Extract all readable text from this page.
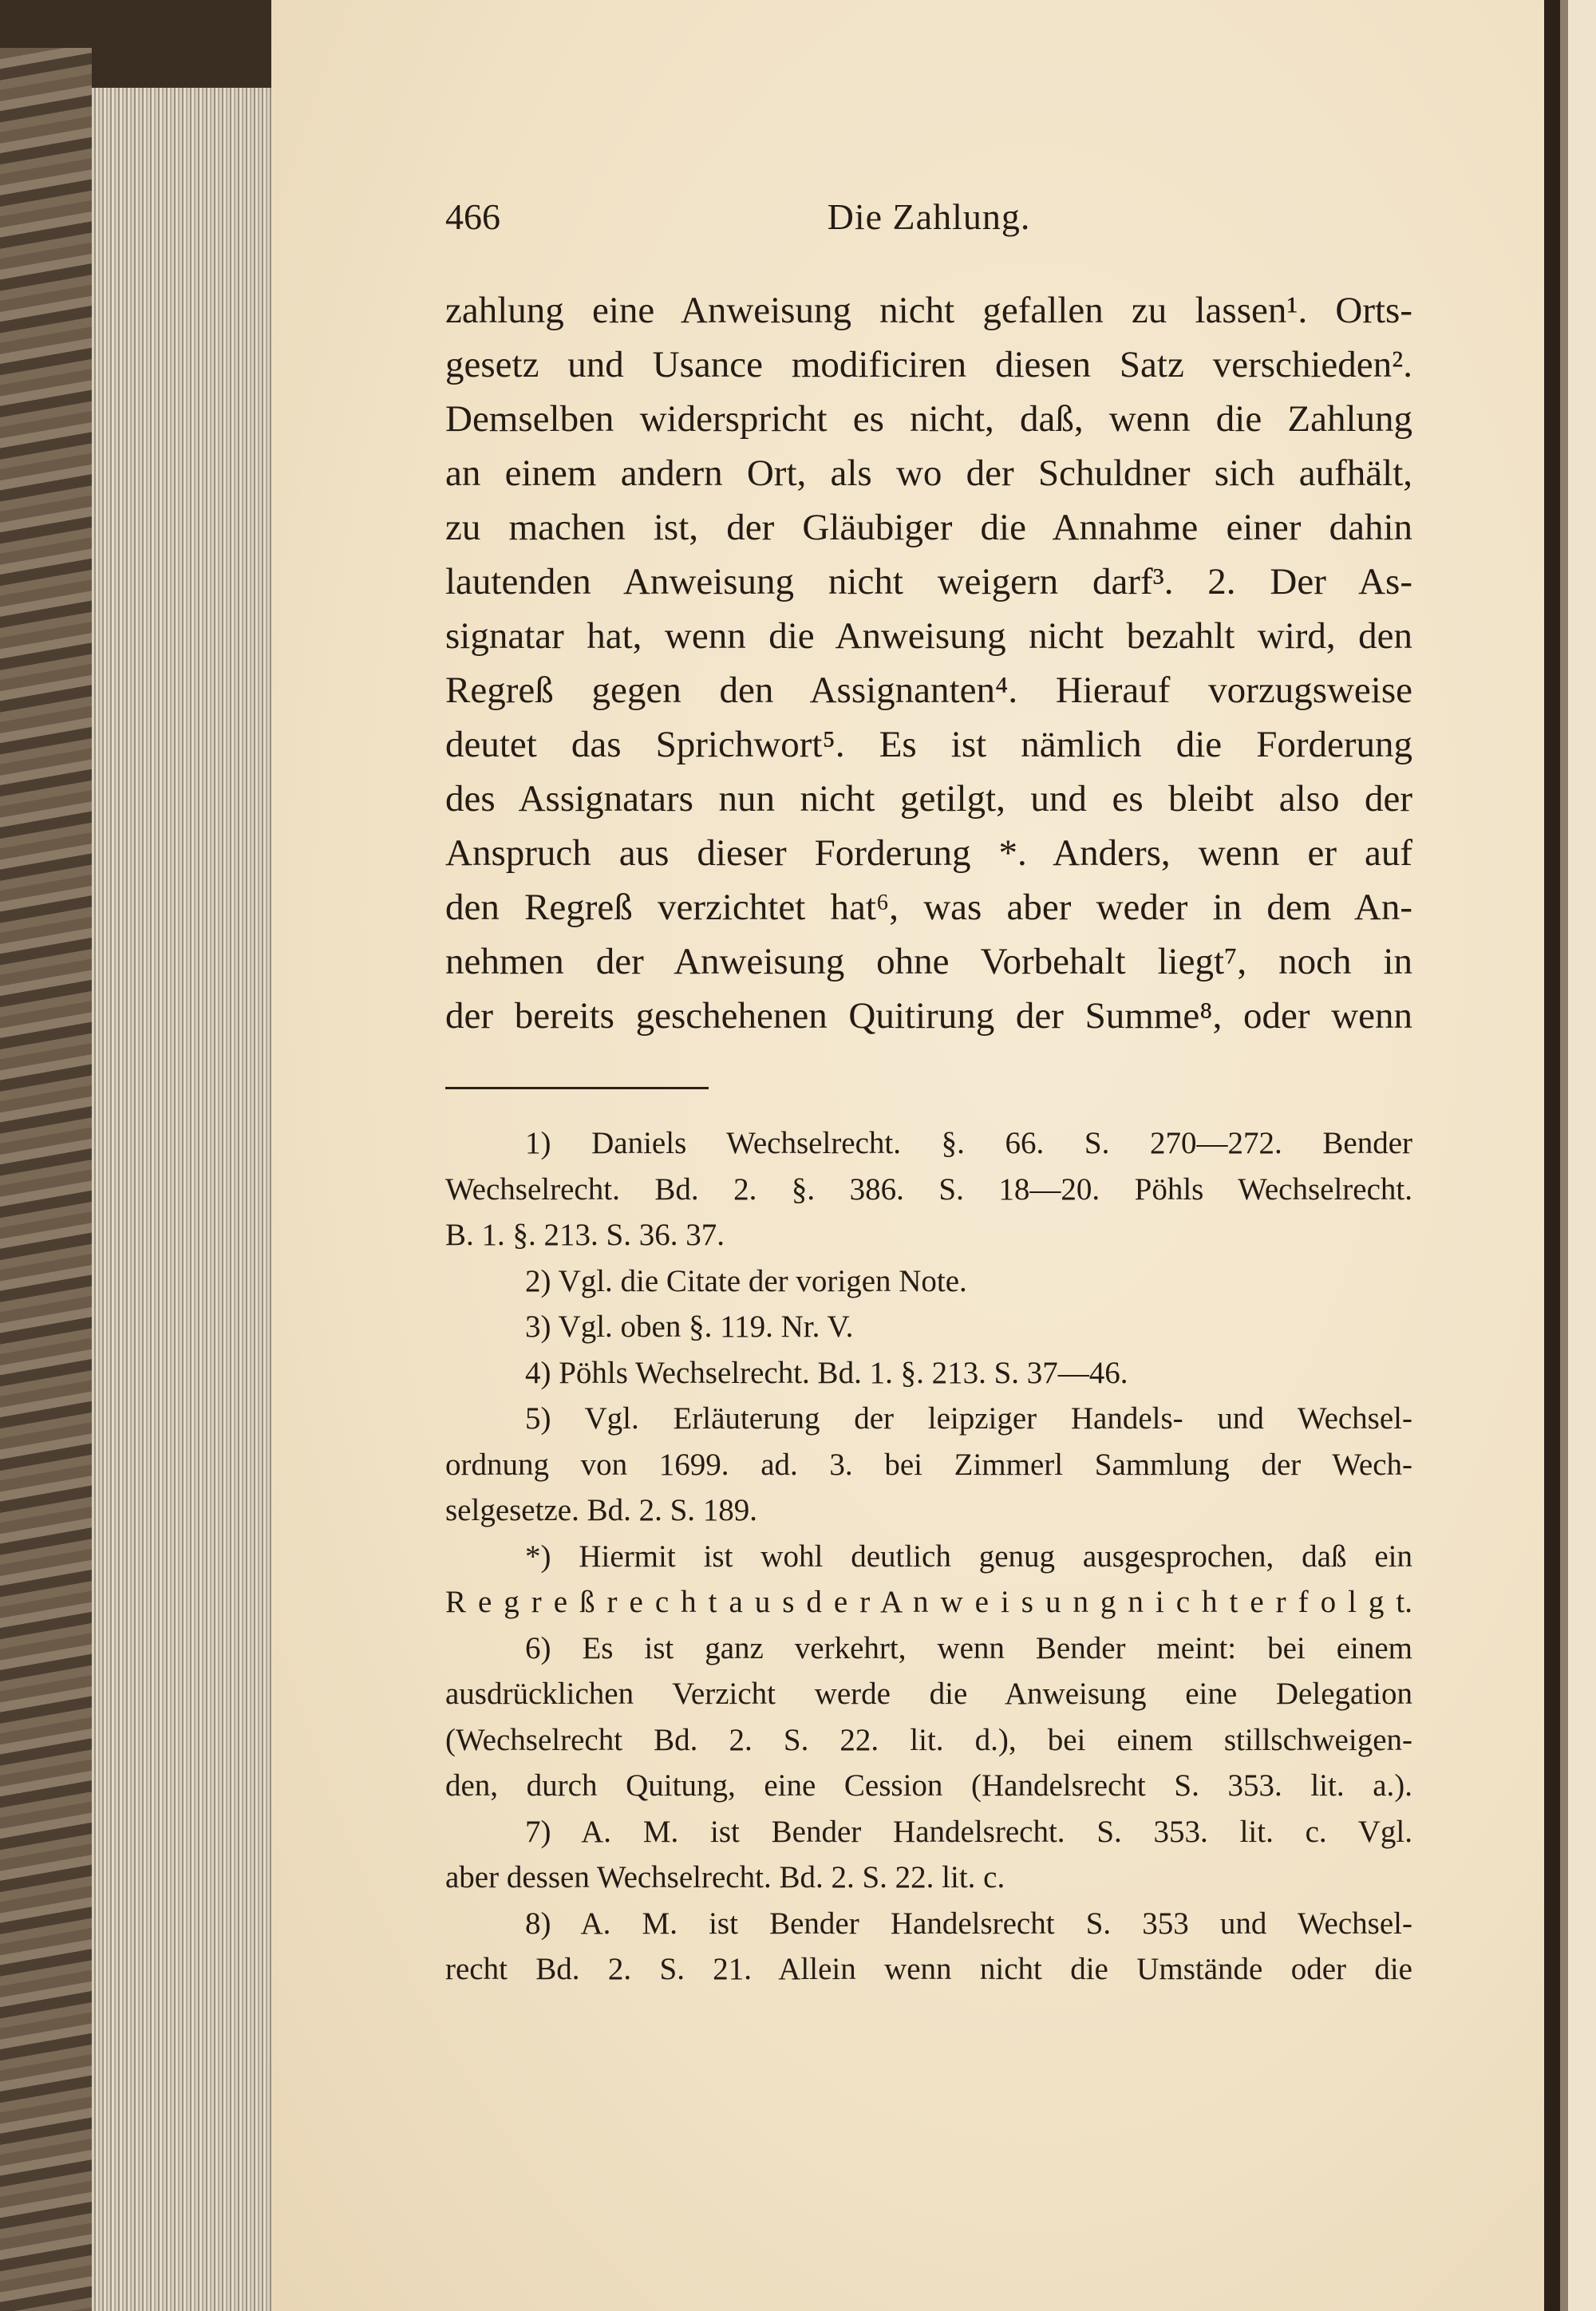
466	Die Zahlung.
zahlung eine Anweisung nicht gefallen zu lassen¹. Orts-
gesetz und Usance modificiren diesen Satz verschieden².
Demselben widerspricht es nicht, daß, wenn die Zahlung
an einem andern Ort, als wo der Schuldner sich aufhält,
zu machen ist, der Gläubiger die Annahme einer dahin
lautenden Anweisung nicht weigern darf³. 2. Der As-
signatar hat, wenn die Anweisung nicht bezahlt wird, den
Regreß gegen den Assignanten⁴. Hierauf vorzugsweise
deutet das Sprichwort⁵. Es ist nämlich die Forderung
des Assignatars nun nicht getilgt, und es bleibt also der
Anspruch aus dieser Forderung *. Anders, wenn er auf
den Regreß verzichtet hat⁶, was aber weder in dem An-
nehmen der Anweisung ohne Vorbehalt liegt⁷, noch in
der bereits geschehenen Quitirung der Summe⁸, oder wenn
1) Daniels Wechselrecht. §. 66. S. 270—272. Bender
Wechselrecht. Bd. 2. §. 386. S. 18—20. Pöhls Wechselrecht.
B. 1. §. 213. S. 36. 37.
2) Vgl. die Citate der vorigen Note.
3) Vgl. oben §. 119. Nr. V.
4) Pöhls Wechselrecht. Bd. 1. §. 213. S. 37—46.
5) Vgl. Erläuterung der leipziger Handels- und Wechsel-
ordnung von 1699. ad. 3. bei Zimmerl Sammlung der Wech-
selgesetze. Bd. 2. S. 189.
*) Hiermit ist wohl deutlich genug ausgesprochen, daß ein
R e g r e ß r e c h t a u s d e r A n w e i s u n g n i c h t e r f o l g t.
6) Es ist ganz verkehrt, wenn Bender meint: bei einem
ausdrücklichen Verzicht werde die Anweisung eine Delegation
(Wechselrecht Bd. 2. S. 22. lit. d.), bei einem stillschweigen-
den, durch Quitung, eine Cession (Handelsrecht S. 353. lit. a.).
7) A. M. ist Bender Handelsrecht. S. 353. lit. c. Vgl.
aber dessen Wechselrecht. Bd. 2. S. 22. lit. c.
8) A. M. ist Bender Handelsrecht S. 353 und Wechsel-
recht Bd. 2. S. 21. Allein wenn nicht die Umstände oder die
